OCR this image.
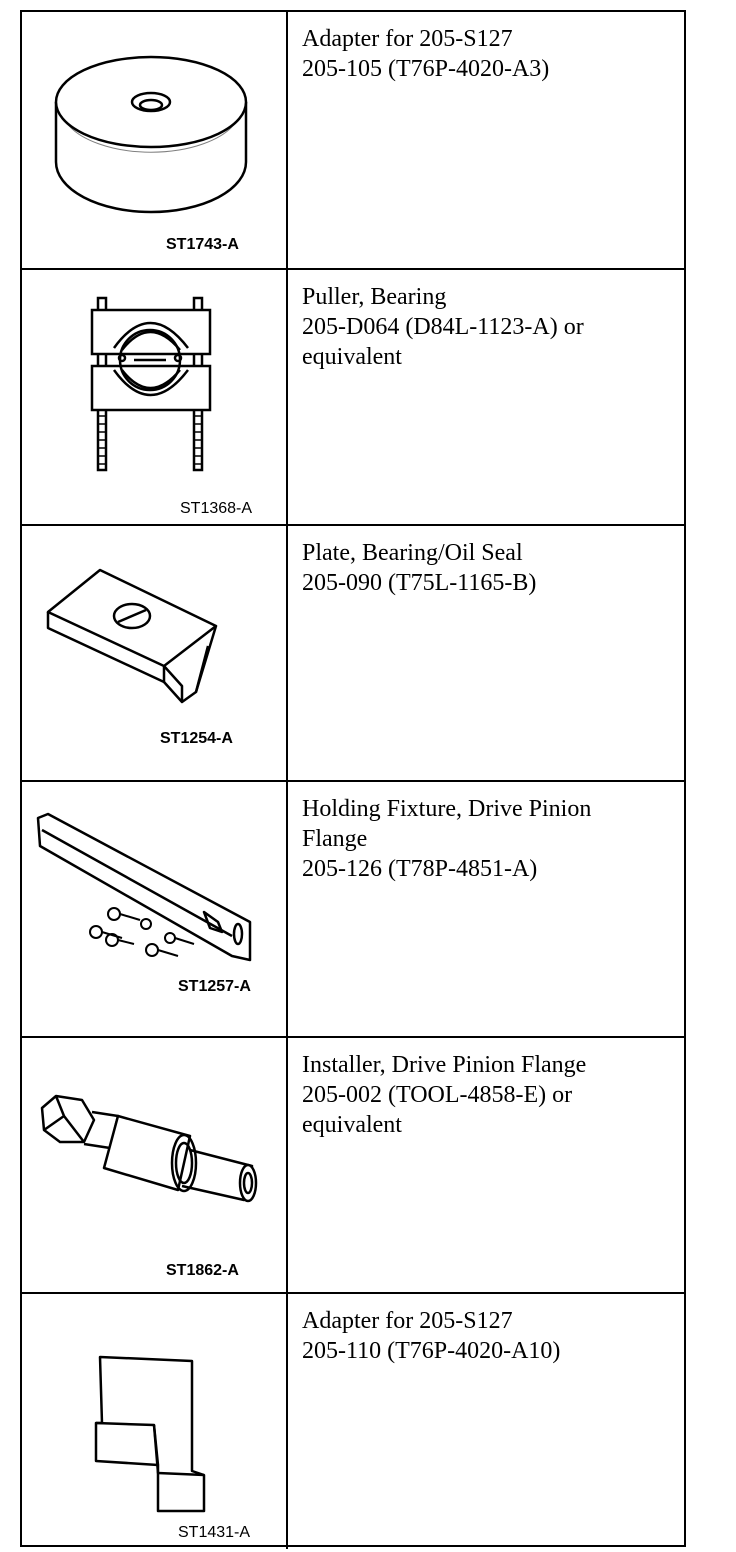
ST1743-A
Adapter for 205-S127
205-105 (T76P-4020-A3)
ST1368-A
Puller, Bearing
205-D064 (D84L-1123-A) or
equivalent
ST1254-A
Plate, Bearing/Oil Seal
205-090 (T75L-1165-B)
ST1257-A
Holding Fixture, Drive Pinion
Flange
205-126 (T78P-4851-A)
ST1862-A
Installer, Drive Pinion Flange
205-002 (TOOL-4858-E) or
equivalent
ST1431-A
Adapter for 205-S127
205-110 (T76P-4020-A10)
